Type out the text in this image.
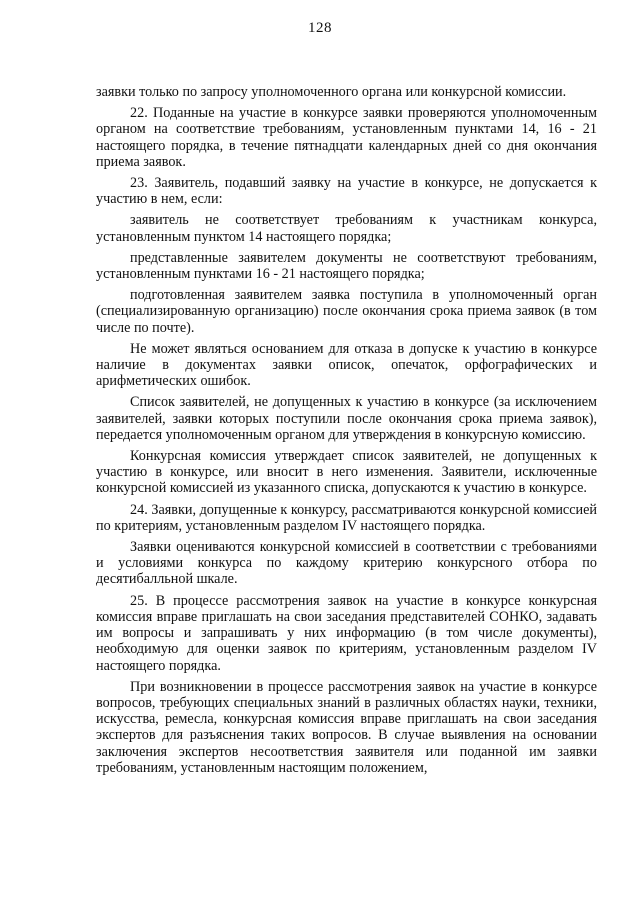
128

заявки только по запросу уполномоченного органа или конкурсной комиссии.

22. Поданные на участие в конкурсе заявки проверяются уполномоченным органом на соответствие требованиям, установленным пунктами 14, 16 - 21 настоящего порядка, в течение пятнадцати календарных дней со дня окончания приема заявок.

23. Заявитель, подавший заявку на участие в конкурсе, не допускается к участию в нем, если:

заявитель не соответствует требованиям к участникам конкурса, установленным пунктом 14 настоящего порядка;

представленные заявителем документы не соответствуют требованиям, установленным пунктами 16 - 21 настоящего порядка;

подготовленная заявителем заявка поступила в уполномоченный орган (специализированную организацию) после окончания срока приема заявок (в том числе по почте).

Не может являться основанием для отказа в допуске к участию в конкурсе наличие в документах заявки описок, опечаток, орфографических и арифметических ошибок.

Список заявителей, не допущенных к участию в конкурсе (за исключением заявителей, заявки которых поступили после окончания срока приема заявок), передается уполномоченным органом для утверждения в конкурсную комиссию.

Конкурсная комиссия утверждает список заявителей, не допущенных к участию в конкурсе, или вносит в него изменения. Заявители, исключенные конкурсной комиссией из указанного списка, допускаются к участию в конкурсе.

24. Заявки, допущенные к конкурсу, рассматриваются конкурсной комиссией по критериям, установленным разделом IV настоящего порядка.

Заявки оцениваются конкурсной комиссией в соответствии с требованиями и условиями конкурса по каждому критерию конкурсного отбора по десятибалльной шкале.

25. В процессе рассмотрения заявок на участие в конкурсе конкурсная комиссия вправе приглашать на свои заседания представителей СОНКО, задавать им вопросы и запрашивать у них информацию (в том числе документы), необходимую для оценки заявок по критериям, установленным разделом IV настоящего порядка.

При возникновении в процессе рассмотрения заявок на участие в конкурсе вопросов, требующих специальных знаний в различных областях науки, техники, искусства, ремесла, конкурсная комиссия вправе приглашать на свои заседания экспертов для разъяснения таких вопросов. В случае выявления на основании заключения экспертов несоответствия заявителя или поданной им заявки требованиям, установленным настоящим положением,
